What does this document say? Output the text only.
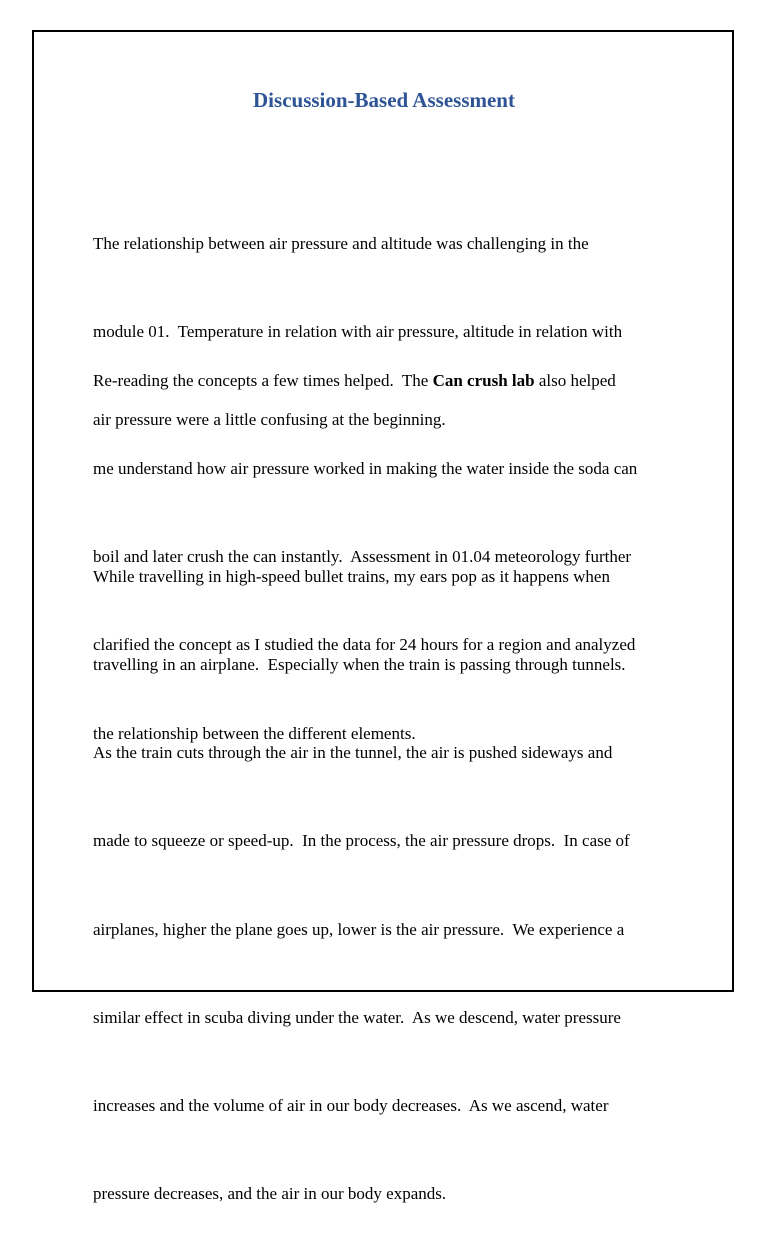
Discussion-Based Assessment

The relationship between air pressure and altitude was challenging in the

module 01.  Temperature in relation with air pressure, altitude in relation with

air pressure were a little confusing at the beginning.

Re-reading the concepts a few times helped.  The Can crush lab also helped

me understand how air pressure worked in making the water inside the soda can

boil and later crush the can instantly.  Assessment in 01.04 meteorology further

clarified the concept as I studied the data for 24 hours for a region and analyzed

the relationship between the different elements.

While travelling in high-speed bullet trains, my ears pop as it happens when

travelling in an airplane.  Especially when the train is passing through tunnels.

As the train cuts through the air in the tunnel, the air is pushed sideways and

made to squeeze or speed-up.  In the process, the air pressure drops.  In case of

airplanes, higher the plane goes up, lower is the air pressure.  We experience a

similar effect in scuba diving under the water.  As we descend, water pressure

increases and the volume of air in our body decreases.  As we ascend, water

pressure decreases, and the air in our body expands.
